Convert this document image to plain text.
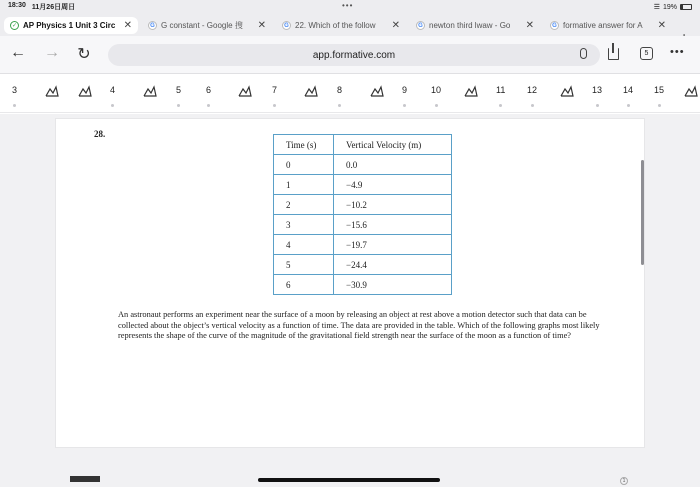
18:30 11月26日周日	☰ 19%
•••
✓ AP Physics 1 Unit 3 Circ ✕	G G constant - Google 搜	✕	G 22. Which of the follow	✕	G newton third lwaw - Go	✕	G formative answer for A	✕
← → ↻	app.formative.com	5 •••
3	4	5	6	7	8	9	10	11 12	13 14 15
28.
Time (s)	Vertical Velocity (m)
0	0.0
1	−4.9
2	−10.2
3	−15.6
4	−19.7
5	−24.4
6	−30.9
An astronaut performs an experiment near the surface of a moon by releasing an object at rest above a motion detector such that data can be collected about the object’s vertical velocity as a function of time. The data are provided in the table. Which of the following graphs most likely represents the shape of the curve of the magnitude of the gravitational field strength near the surface of the moon as a function of time?
1
